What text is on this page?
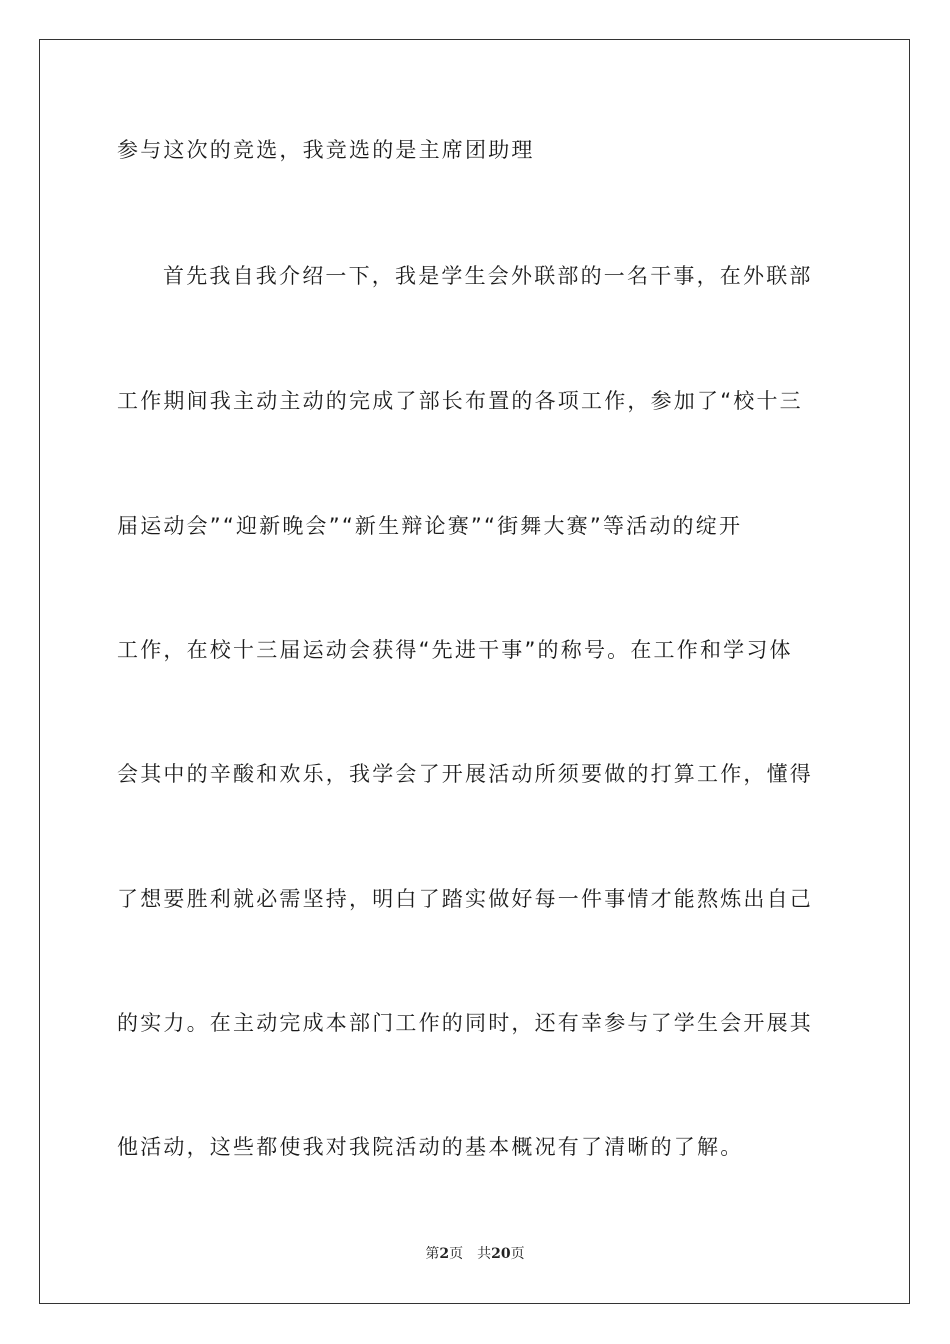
参与这次的竞选，我竞选的是主席团助理
首先我自我介绍一下，我是学生会外联部的一名干事，在外联部
工作期间我主动主动的完成了部长布置的各项工作，参加了“校十三
届运动会”“迎新晚会”“新生辩论赛”“街舞大赛”等活动的绽开
工作，在校十三届运动会获得“先进干事”的称号。在工作和学习体
会其中的辛酸和欢乐，我学会了开展活动所须要做的打算工作，懂得
了想要胜利就必需坚持，明白了踏实做好每一件事情才能熬炼出自己
的实力。在主动完成本部门工作的同时，还有幸参与了学生会开展其
他活动，这些都使我对我院活动的基本概况有了清晰的了解。
第2页 共20页
